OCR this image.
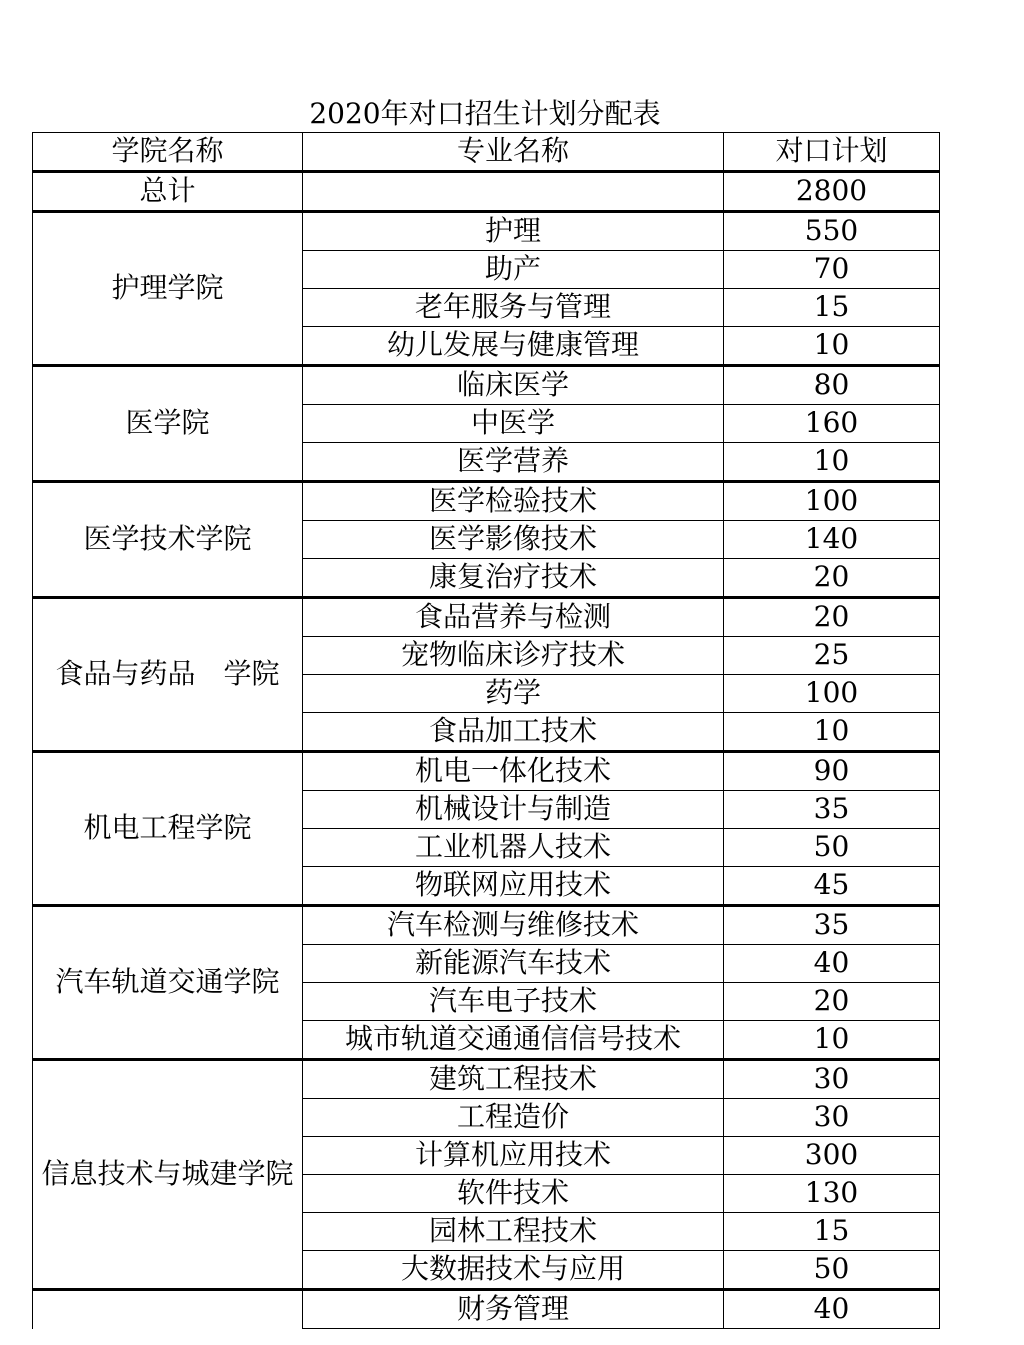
2020年对口招生计划分配表
学院名称	专业名称	对口计划
总计		2800
护理学院	护理	550
	助产	70
	老年服务与管理	15
	幼儿发展与健康管理	10
医学院	临床医学	80
	中医学	160
	医学营养	10
医学技术学院	医学检验技术	100
	医学影像技术	140
	康复治疗技术	20
食品与药品　学院	食品营养与检测	20
	宠物临床诊疗技术	25
	药学	100
	食品加工技术	10
机电工程学院	机电一体化技术	90
	机械设计与制造	35
	工业机器人技术	50
	物联网应用技术	45
汽车轨道交通学院	汽车检测与维修技术	35
	新能源汽车技术	40
	汽车电子技术	20
	城市轨道交通通信信号技术	10
信息技术与城建学院	建筑工程技术	30
	工程造价	30
	计算机应用技术	300
	软件技术	130
	园林工程技术	15
	大数据技术与应用	50
	财务管理	40
